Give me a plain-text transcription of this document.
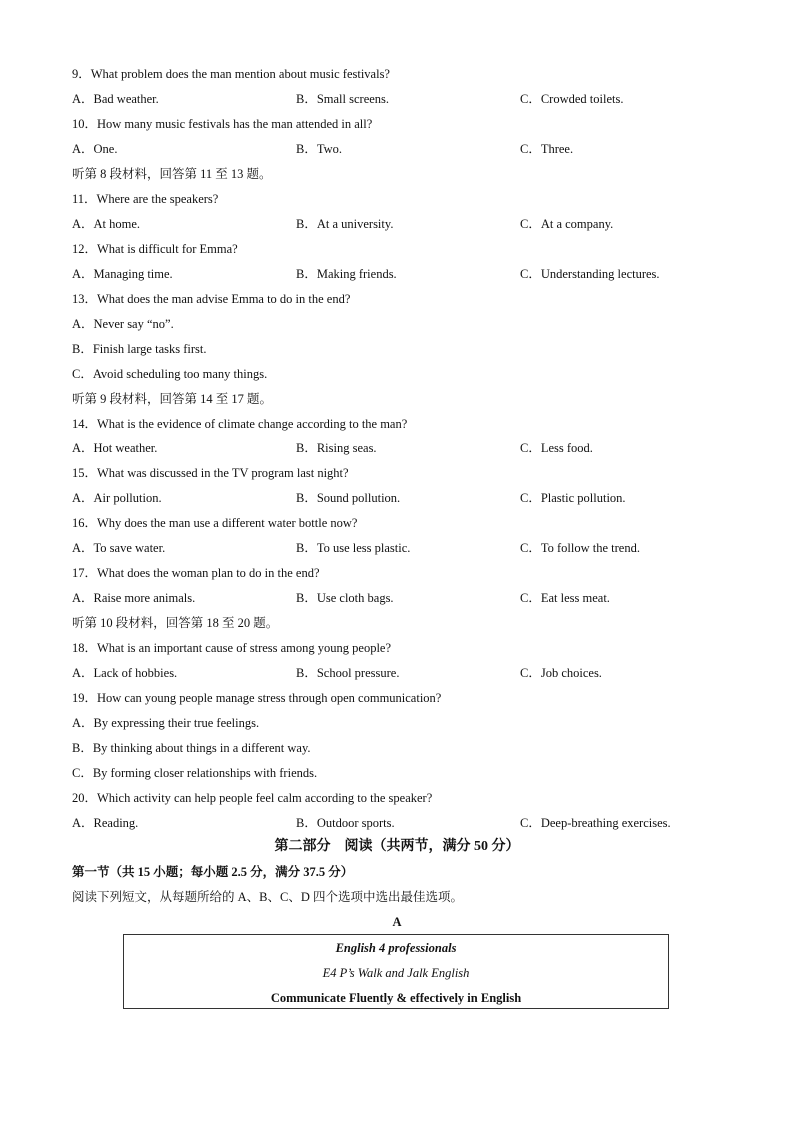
9．What problem does the man mention about music festivals?
A．Bad weather.	B．Small screens.	C．Crowded toilets.
10．How many music festivals has the man attended in all?
A．One.	B．Two.	C．Three.
听第 8 段材料，回答第 11 至 13 题。
11．Where are the speakers?
A．At home.	B．At a university.	C．At a company.
12．What is difficult for Emma?
A．Managing time.	B．Making friends.	C．Understanding lectures.
13．What does the man advise Emma to do in the end?
A．Never say “no”.
B．Finish large tasks first.
C．Avoid scheduling too many things.
听第 9 段材料，回答第 14 至 17 题。
14．What is the evidence of climate change according to the man?
A．Hot weather.	B．Rising seas.	C．Less food.
15．What was discussed in the TV program last night?
A．Air pollution.	B．Sound pollution.	C．Plastic pollution.
16．Why does the man use a different water bottle now?
A．To save water.	B．To use less plastic.	C．To follow the trend.
17．What does the woman plan to do in the end?
A．Raise more animals.	B．Use cloth bags.	C．Eat less meat.
听第 10 段材料，回答第 18 至 20 题。
18．What is an important cause of stress among young people?
A．Lack of hobbies.	B．School pressure.	C．Job choices.
19．How can young people manage stress through open communication?
A．By expressing their true feelings.
B．By thinking about things in a different way.
C．By forming closer relationships with friends.
20．Which activity can help people feel calm according to the speaker?
A．Reading.	B．Outdoor sports.	C．Deep-breathing exercises.
第二部分　阅读（共两节，满分 50 分）
第一节（共 15 小题；每小题 2.5 分，满分 37.5 分）
阅读下列短文，从每题所给的 A、B、C、D 四个选项中选出最佳选项。
A
English 4 professionals
E4 P’s Walk and Jalk English
Communicate Fluently & effectively in English
